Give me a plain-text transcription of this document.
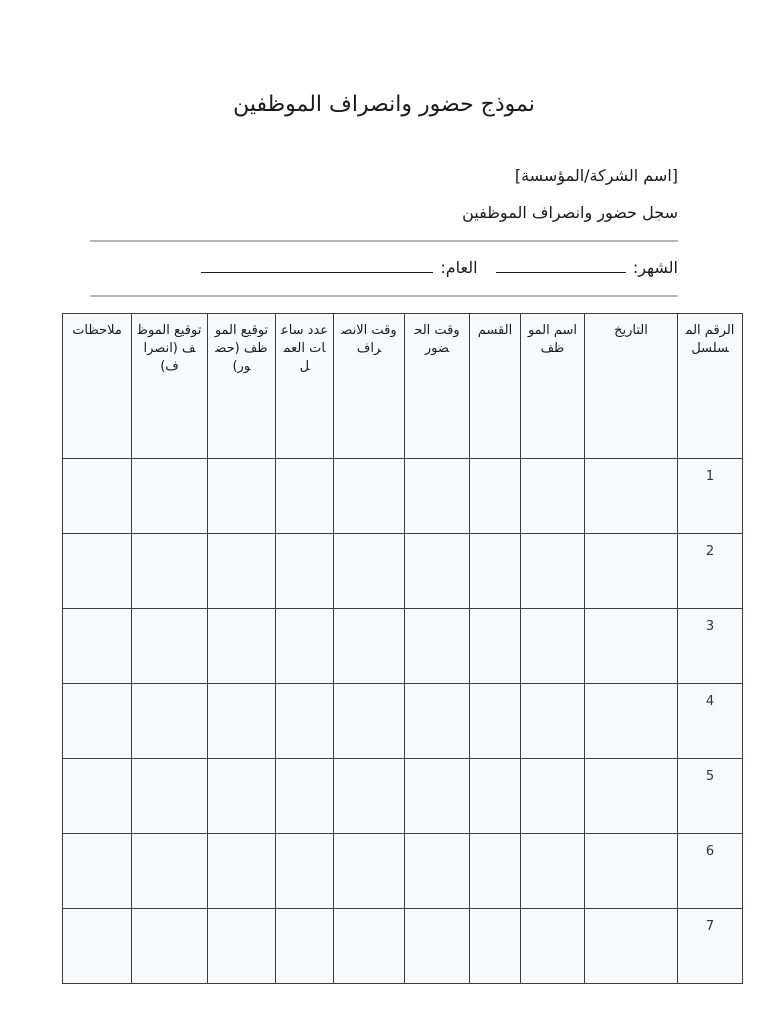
نموذج حضور وانصراف الموظفين
[اسم الشركة/المؤسسة]
سجل حضور وانصراف الموظفين
الشهر:   العام:
الرقم المسلسل	التاريخ	اسم الموظف	القسم	وقت الحضور	وقت الانصراف	عدد ساعات العمل	توقيع الموظف (حضور)	توقيع الموظف (انصراف)	ملاحظات
1									
2									
3									
4									
5									
6									
7									
